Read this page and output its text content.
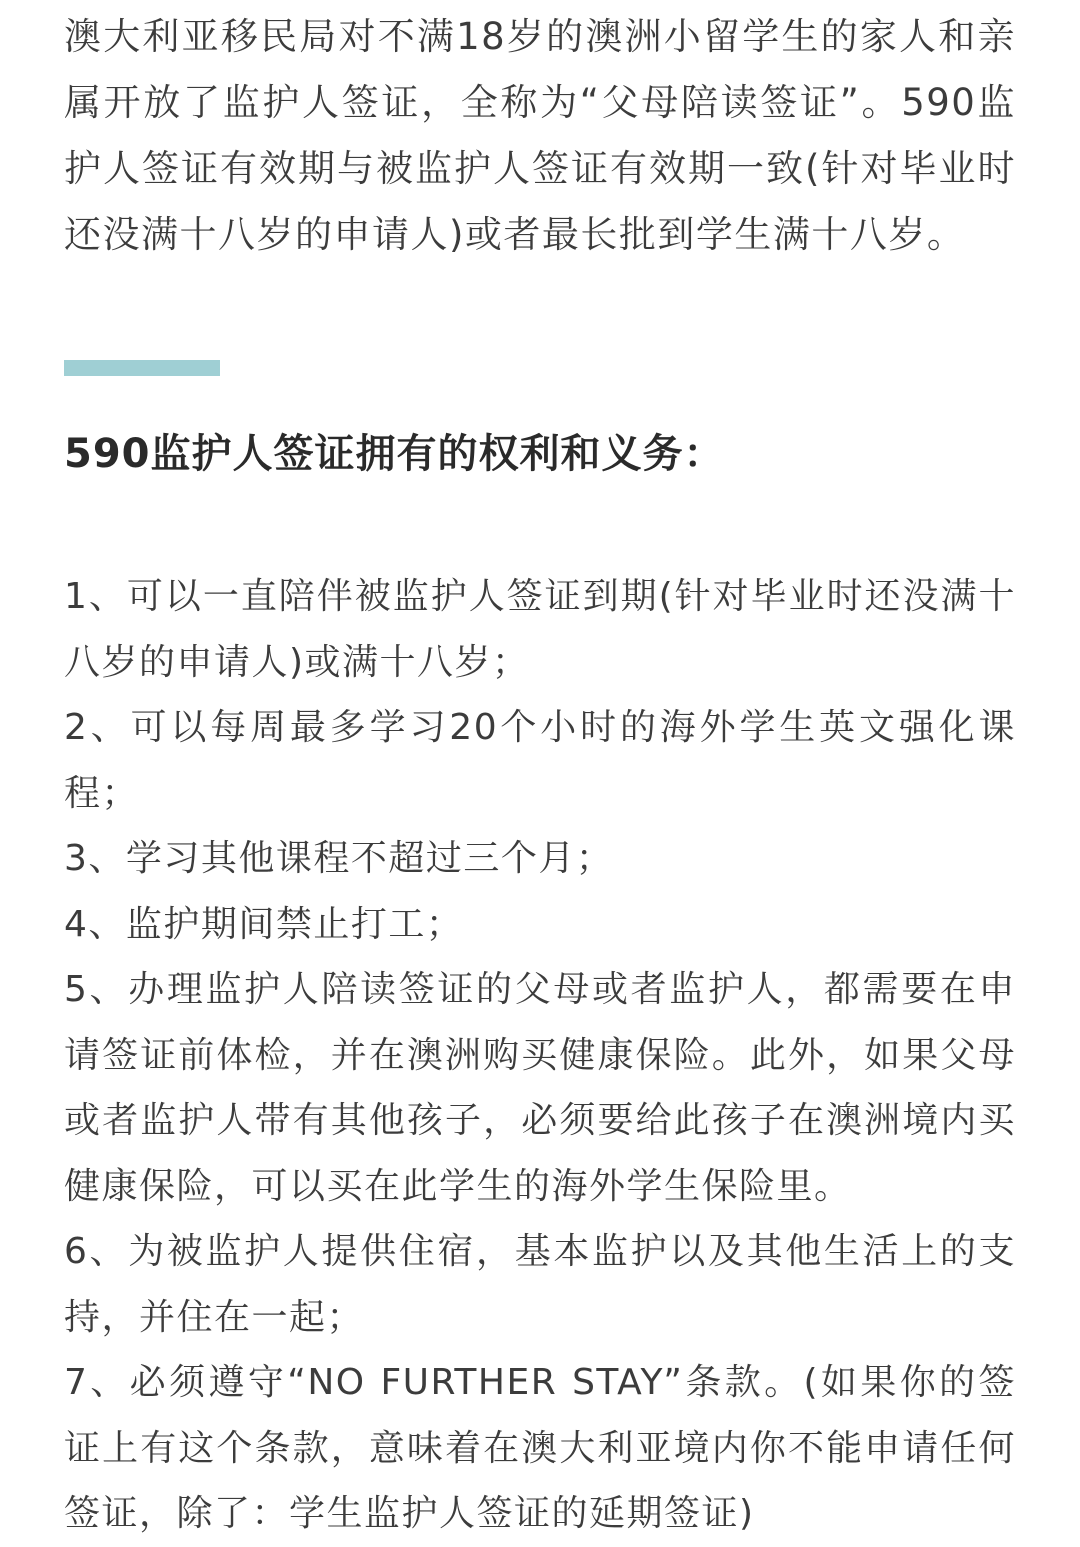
澳大利亚移民局对不满18岁的澳洲小留学生的家人和亲属开放了监护人签证，全称为“父母陪读签证”。590监护人签证有效期与被监护人签证有效期一致(针对毕业时还没满十八岁的申请人)或者最长批到学生满十八岁。

590监护人签证拥有的权利和义务：
1、可以一直陪伴被监护人签证到期(针对毕业时还没满十八岁的申请人)或满十八岁；
2、可以每周最多学习20个小时的海外学生英文强化课程；
3、学习其他课程不超过三个月；
4、监护期间禁止打工；
5、办理监护人陪读签证的父母或者监护人，都需要在申请签证前体检，并在澳洲购买健康保险。此外，如果父母或者监护人带有其他孩子，必须要给此孩子在澳洲境内买健康保险，可以买在此学生的海外学生保险里。
6、为被监护人提供住宿，基本监护以及其他生活上的支持，并住在一起；
7、必须遵守“NO FURTHER STAY”条款。(如果你的签证上有这个条款，意味着在澳大利亚境内你不能申请任何签证，除了：学生监护人签证的延期签证)
